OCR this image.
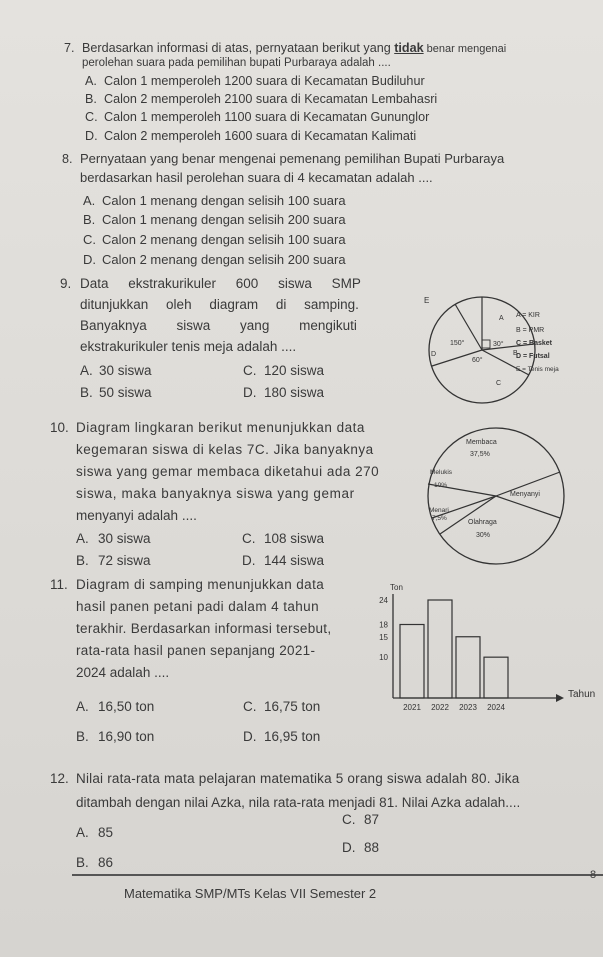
7. Berdasarkan informasi di atas, pernyataan berikut yang tidak benar mengenai
perolehan suara pada pemilihan bupati Purbaraya adalah ....
A. Calon 1 memperoleh 1200 suara di Kecamatan Budiluhur
B. Calon 2 memperoleh 2100 suara di Kecamatan Lembahasri
C. Calon 1 memperoleh 1100 suara di Kecamatan Gununglor
D. Calon 2 memperoleh 1600 suara di Kecamatan Kalimati
8. Pernyataan yang benar mengenai pemenang pemilihan Bupati Purbaraya
berdasarkan hasil perolehan suara di 4 kecamatan adalah ....
A. Calon 1 menang dengan selisih 100 suara
B. Calon 1 menang dengan selisih 200 suara
C. Calon 2 menang dengan selisih 100 suara
D. Calon 2 menang dengan selisih 200 suara
9. Data ekstrakurikuler 600 siswa SMP
ditunjukkan oleh diagram di samping.
Banyaknya siswa yang mengikuti
ekstrakurikuler tenis meja adalah ....
A. 30 siswa
B. 50 siswa
C. 120 siswa
D. 180 siswa
E
A
B
C
D
150°	30°
60°
A = KIR
B = PMR
C = Basket
D = Futsal
E = Tenis meja
10. Diagram lingkaran berikut menunjukkan data
kegemaran siswa di kelas 7C. Jika banyaknya
siswa yang gemar membaca diketahui ada 270
siswa, maka banyaknya siswa yang gemar
menyanyi adalah ....
A. 30 siswa
B. 72 siswa
C. 108 siswa
D. 144 siswa
Membaca
37,5%
Melukis
10%
Menyanyi
Menari
7,5%
Olahraga
30%
11. Diagram di samping menunjukkan data
hasil panen petani padi dalam 4 tahun
terakhir. Berdasarkan informasi tersebut,
rata-rata hasil panen sepanjang 2021-
2024 adalah ....
A. 16,50 ton
B. 16,90 ton
C. 16,75 ton
D. 16,95 ton
Ton
Tahun
10
15
18
24
2021 2022 2023 2024
12. Nilai rata-rata mata pelajaran matematika 5 orang siswa adalah 80. Jika
ditambah dengan nilai Azka, nila rata-rata menjadi 81. Nilai Azka adalah....
A. 85
B. 86
C. 87
D. 88
8
Matematika SMP/MTs Kelas VII Semester 2
